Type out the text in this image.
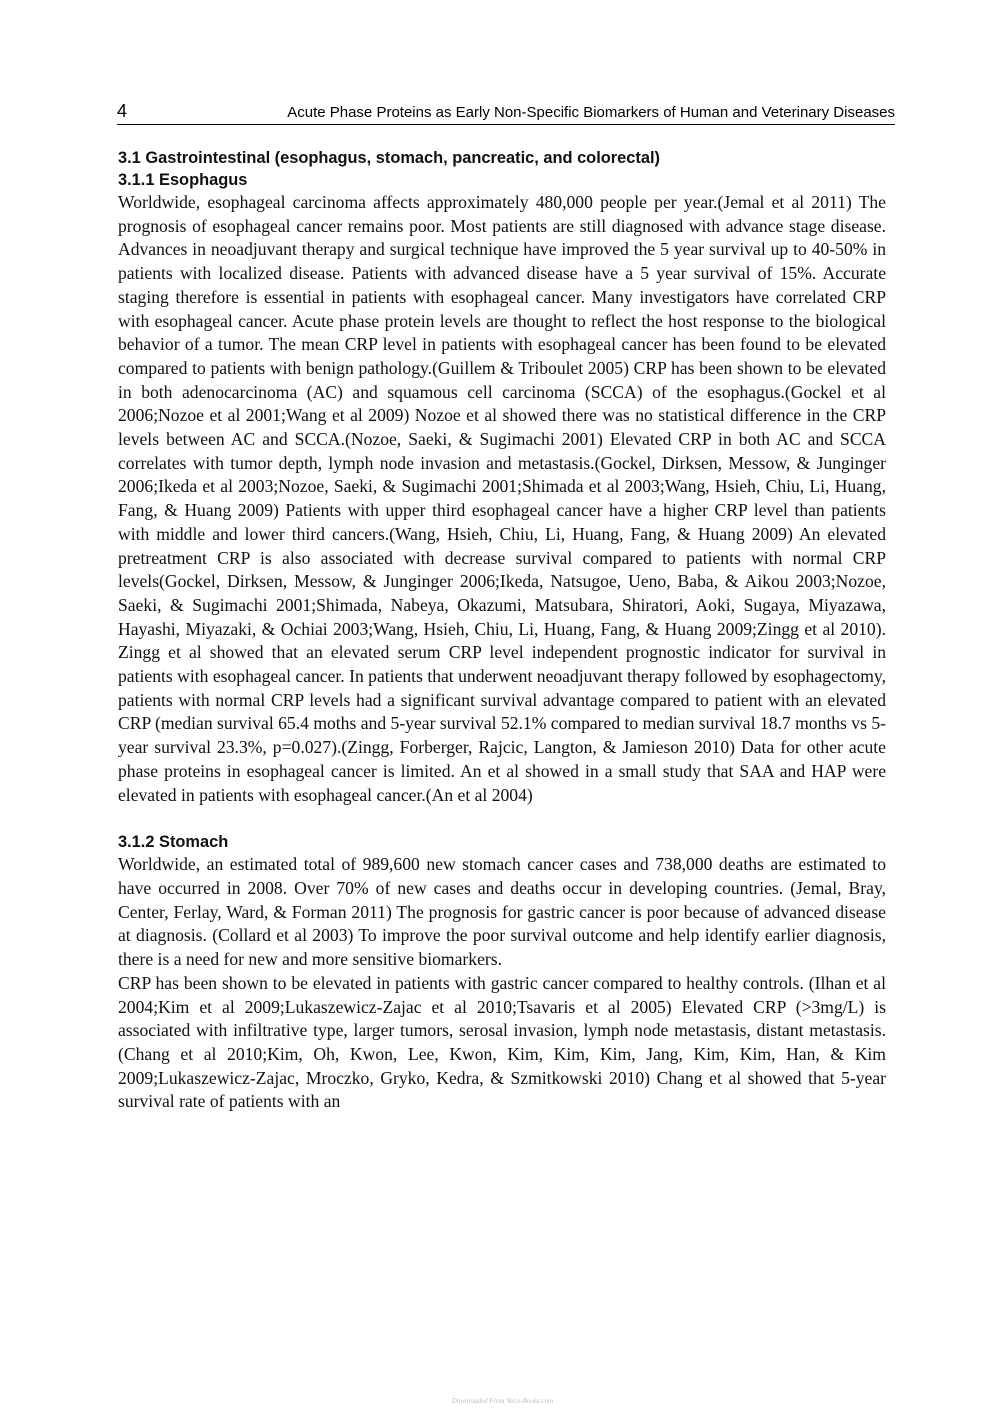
4	Acute Phase Proteins as Early Non-Specific Biomarkers of Human and Veterinary Diseases
3.1 Gastrointestinal (esophagus, stomach, pancreatic, and colorectal)
3.1.1 Esophagus

Worldwide, esophageal carcinoma affects approximately 480,000 people per year.(Jemal et al 2011) The prognosis of esophageal cancer remains poor. Most patients are still diagnosed with advance stage disease. Advances in neoadjuvant therapy and surgical technique have improved the 5 year survival up to 40-50% in patients with localized disease. Patients with advanced disease have a 5 year survival of 15%. Accurate staging therefore is essential in patients with esophageal cancer. Many investigators have correlated CRP with esophageal cancer. Acute phase protein levels are thought to reflect the host response to the biological behavior of a tumor. The mean CRP level in patients with esophageal cancer has been found to be elevated compared to patients with benign pathology.(Guillem & Triboulet 2005) CRP has been shown to be elevated in both adenocarcinoma (AC) and squamous cell carcinoma (SCCA) of the esophagus.(Gockel et al 2006;Nozoe et al 2001;Wang et al 2009) Nozoe et al showed there was no statistical difference in the CRP levels between AC and SCCA.(Nozoe, Saeki, & Sugimachi 2001) Elevated CRP in both AC and SCCA correlates with tumor depth, lymph node invasion and metastasis.(Gockel, Dirksen, Messow, & Junginger 2006;Ikeda et al 2003;Nozoe, Saeki, & Sugimachi 2001;Shimada et al 2003;Wang, Hsieh, Chiu, Li, Huang, Fang, & Huang 2009) Patients with upper third esophageal cancer have a higher CRP level than patients with middle and lower third cancers.(Wang, Hsieh, Chiu, Li, Huang, Fang, & Huang 2009) An elevated pretreatment CRP is also associated with decrease survival compared to patients with normal CRP levels(Gockel, Dirksen, Messow, & Junginger 2006;Ikeda, Natsugoe, Ueno, Baba, & Aikou 2003;Nozoe, Saeki, & Sugimachi 2001;Shimada, Nabeya, Okazumi, Matsubara, Shiratori, Aoki, Sugaya, Miyazawa, Hayashi, Miyazaki, & Ochiai 2003;Wang, Hsieh, Chiu, Li, Huang, Fang, & Huang 2009;Zingg et al 2010). Zingg et al showed that an elevated serum CRP level independent prognostic indicator for survival in patients with esophageal cancer. In patients that underwent neoadjuvant therapy followed by esophagectomy, patients with normal CRP levels had a significant survival advantage compared to patient with an elevated CRP (median survival 65.4 moths and 5-year survival 52.1% compared to median survival 18.7 months vs 5-year survival 23.3%, p=0.027).(Zingg, Forberger, Rajcic, Langton, & Jamieson 2010) Data for other acute phase proteins in esophageal cancer is limited. An et al showed in a small study that SAA and HAP were elevated in patients with esophageal cancer.(An et al 2004)

3.1.2 Stomach

Worldwide, an estimated total of 989,600 new stomach cancer cases and 738,000 deaths are estimated to have occurred in 2008. Over 70% of new cases and deaths occur in developing countries. (Jemal, Bray, Center, Ferlay, Ward, & Forman 2011) The prognosis for gastric cancer is poor because of advanced disease at diagnosis. (Collard et al 2003) To improve the poor survival outcome and help identify earlier diagnosis, there is a need for new and more sensitive biomarkers.

CRP has been shown to be elevated in patients with gastric cancer compared to healthy controls. (Ilhan et al 2004;Kim et al 2009;Lukaszewicz-Zajac et al 2010;Tsavaris et al 2005) Elevated CRP (>3mg/L) is associated with infiltrative type, larger tumors, serosal invasion, lymph node metastasis, distant metastasis. (Chang et al 2010;Kim, Oh, Kwon, Lee, Kwon, Kim, Kim, Kim, Jang, Kim, Kim, Han, & Kim 2009;Lukaszewicz-Zajac, Mroczko, Gryko, Kedra, & Szmitkowski 2010) Chang et al showed that 5-year survival rate of patients with an

Downloaded From Vet-e-Books.com
